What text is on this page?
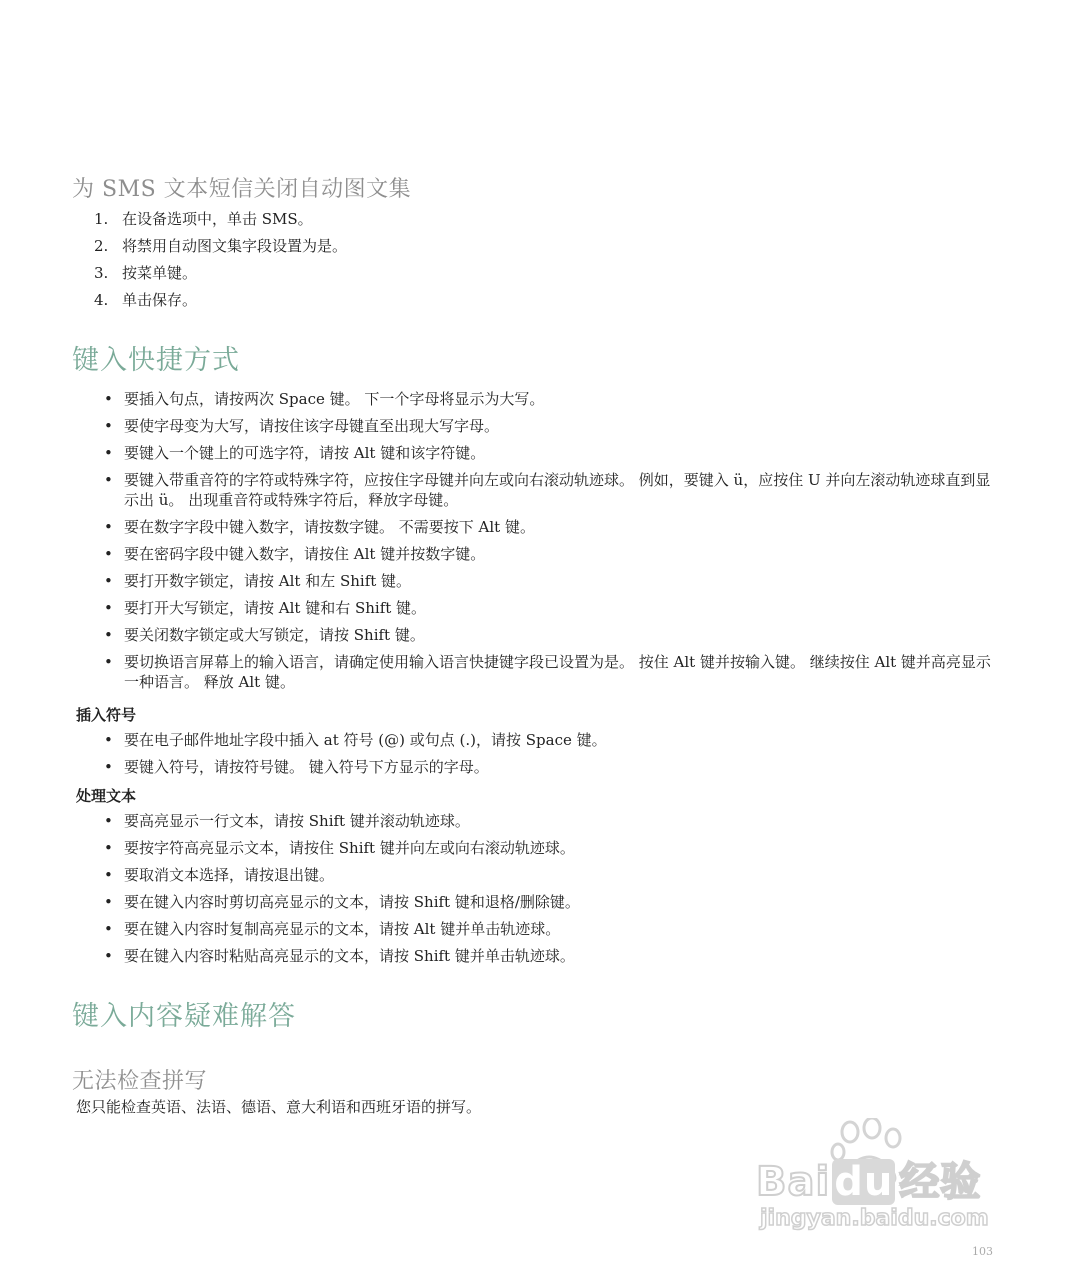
为 SMS 文本短信关闭自动图文集
1. 在设备选项中，单击 SMS。
2. 将禁用自动图文集字段设置为是。
3. 按菜单键。
4. 单击保存。
键入快捷方式
• 要插入句点，请按两次 Space 键。 下一个字母将显示为大写。
• 要使字母变为大写，请按住该字母键直至出现大写字母。
• 要键入一个键上的可选字符，请按 Alt 键和该字符键。
• 要键入带重音符的字符或特殊字符，应按住字母键并向左或向右滚动轨迹球。 例如，要键入 ü，应按住 U 并向左滚动轨迹球直到显示出 ü。 出现重音符或特殊字符后，释放字母键。
• 要在数字字段中键入数字，请按数字键。 不需要按下 Alt 键。
• 要在密码字段中键入数字，请按住 Alt 键并按数字键。
• 要打开数字锁定，请按 Alt 和左 Shift 键。
• 要打开大写锁定，请按 Alt 键和右 Shift 键。
• 要关闭数字锁定或大写锁定，请按 Shift 键。
• 要切换语言屏幕上的输入语言，请确定使用输入语言快捷键字段已设置为是。 按住 Alt 键并按输入键。 继续按住 Alt 键并高亮显示一种语言。 释放 Alt 键。
插入符号
• 要在电子邮件地址字段中插入 at 符号 (@) 或句点 (.)，请按 Space 键。
• 要键入符号，请按符号键。 键入符号下方显示的字母。
处理文本
• 要高亮显示一行文本，请按 Shift 键并滚动轨迹球。
• 要按字符高亮显示文本，请按住 Shift 键并向左或向右滚动轨迹球。
• 要取消文本选择，请按退出键。
• 要在键入内容时剪切高亮显示的文本，请按 Shift 键和退格/删除键。
• 要在键入内容时复制高亮显示的文本，请按 Alt 键并单击轨迹球。
• 要在键入内容时粘贴高亮显示的文本，请按 Shift 键并单击轨迹球。
键入内容疑难解答
无法检查拼写

您只能检查英语、法语、德语、意大利语和西班牙语的拼写。

Bai du 经验
jingyan.baidu.com
103
